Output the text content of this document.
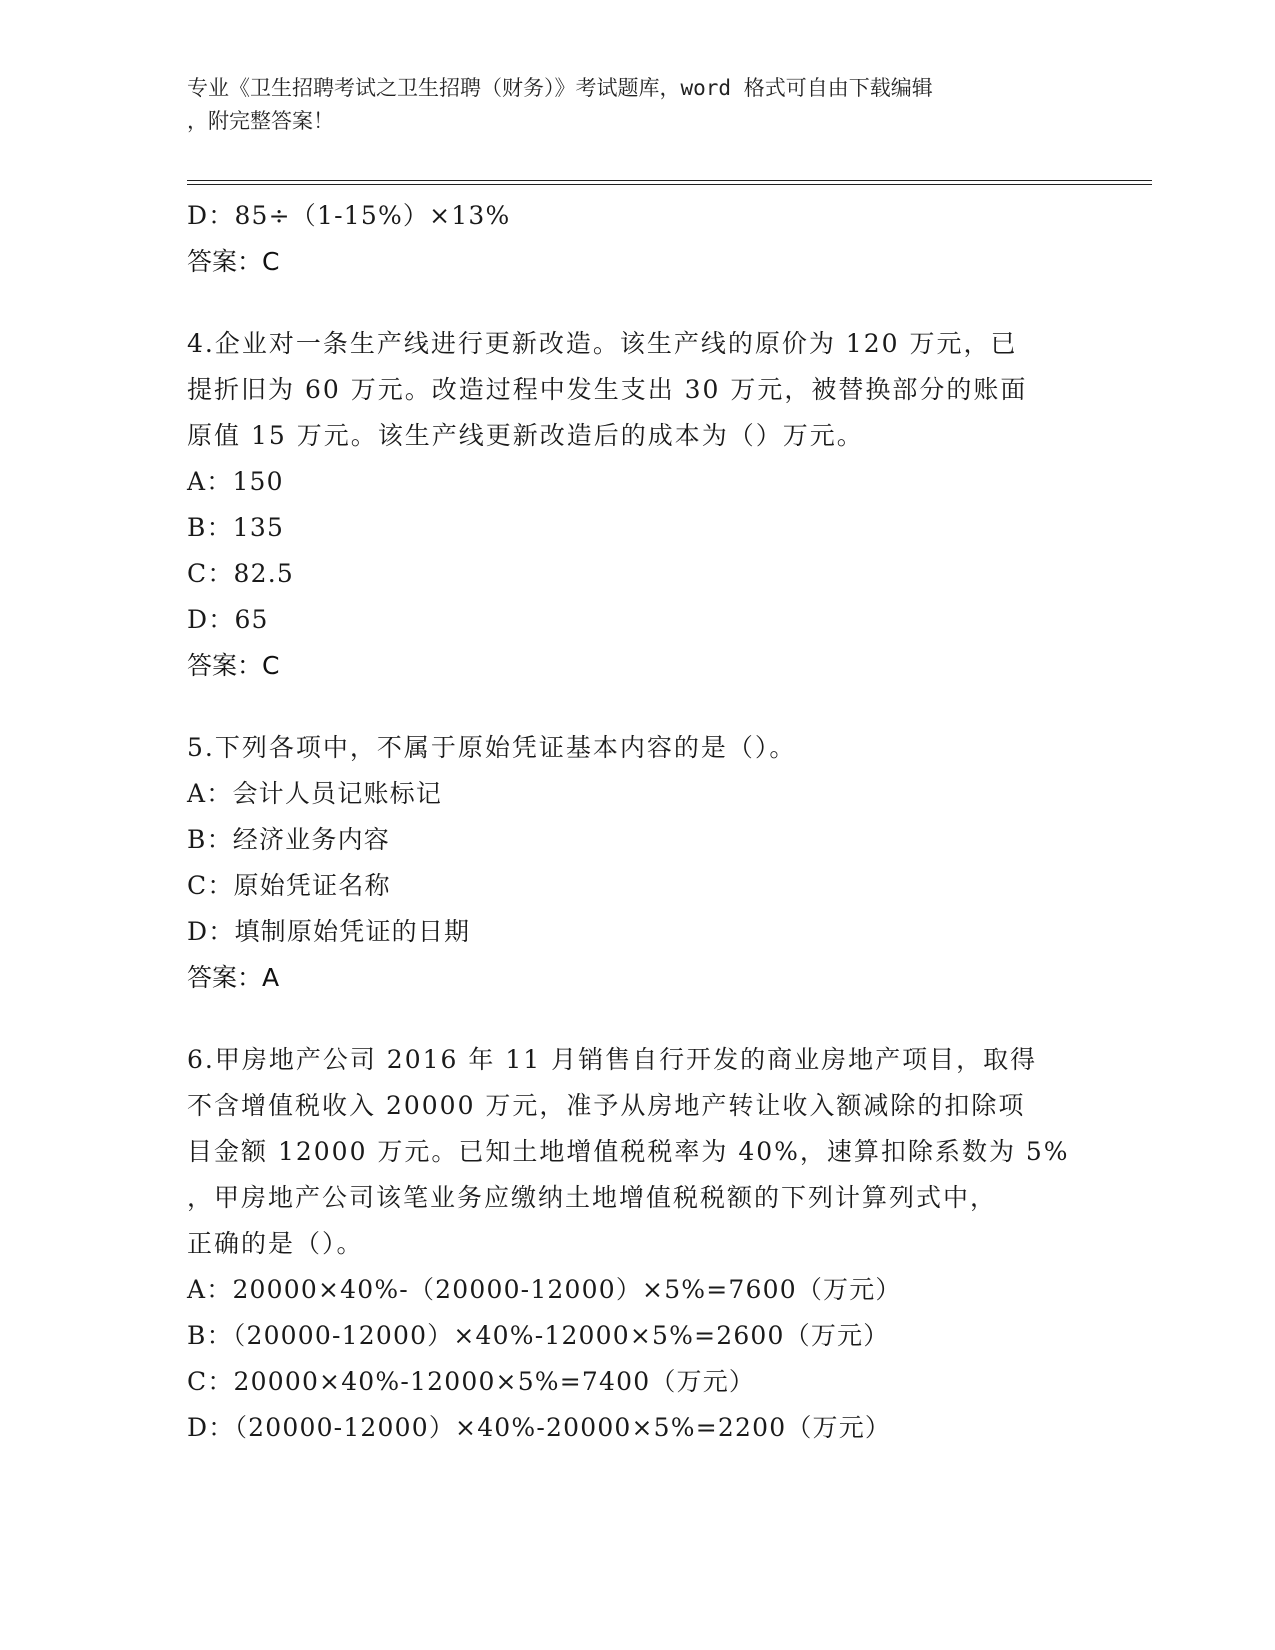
专业《卫生招聘考试之卫生招聘（财务）》考试题库，word 格式可自由下载编辑
，附完整答案！
D：85÷（1-15%）×13%
答案：C
4.企业对一条生产线进行更新改造。该生产线的原价为 120 万元，已
提折旧为 60 万元。改造过程中发生支出 30 万元，被替换部分的账面
原值 15 万元。该生产线更新改造后的成本为（）万元。
A：150
B：135
C：82.5
D：65
答案：C
5.下列各项中，不属于原始凭证基本内容的是（）。
A：会计人员记账标记
B：经济业务内容
C：原始凭证名称
D：填制原始凭证的日期
答案：A
6.甲房地产公司 2016 年 11 月销售自行开发的商业房地产项目，取得
不含增值税收入 20000 万元，准予从房地产转让收入额减除的扣除项
目金额 12000 万元。已知土地增值税税率为 40%，速算扣除系数为 5%
，甲房地产公司该笔业务应缴纳土地增值税税额的下列计算列式中，
正确的是（）。
A：20000×40%-（20000-12000）×5%=7600（万元）
B：（20000-12000）×40%-12000×5%=2600（万元）
C：20000×40%-12000×5%=7400（万元）
D：（20000-12000）×40%-20000×5%=2200（万元）
